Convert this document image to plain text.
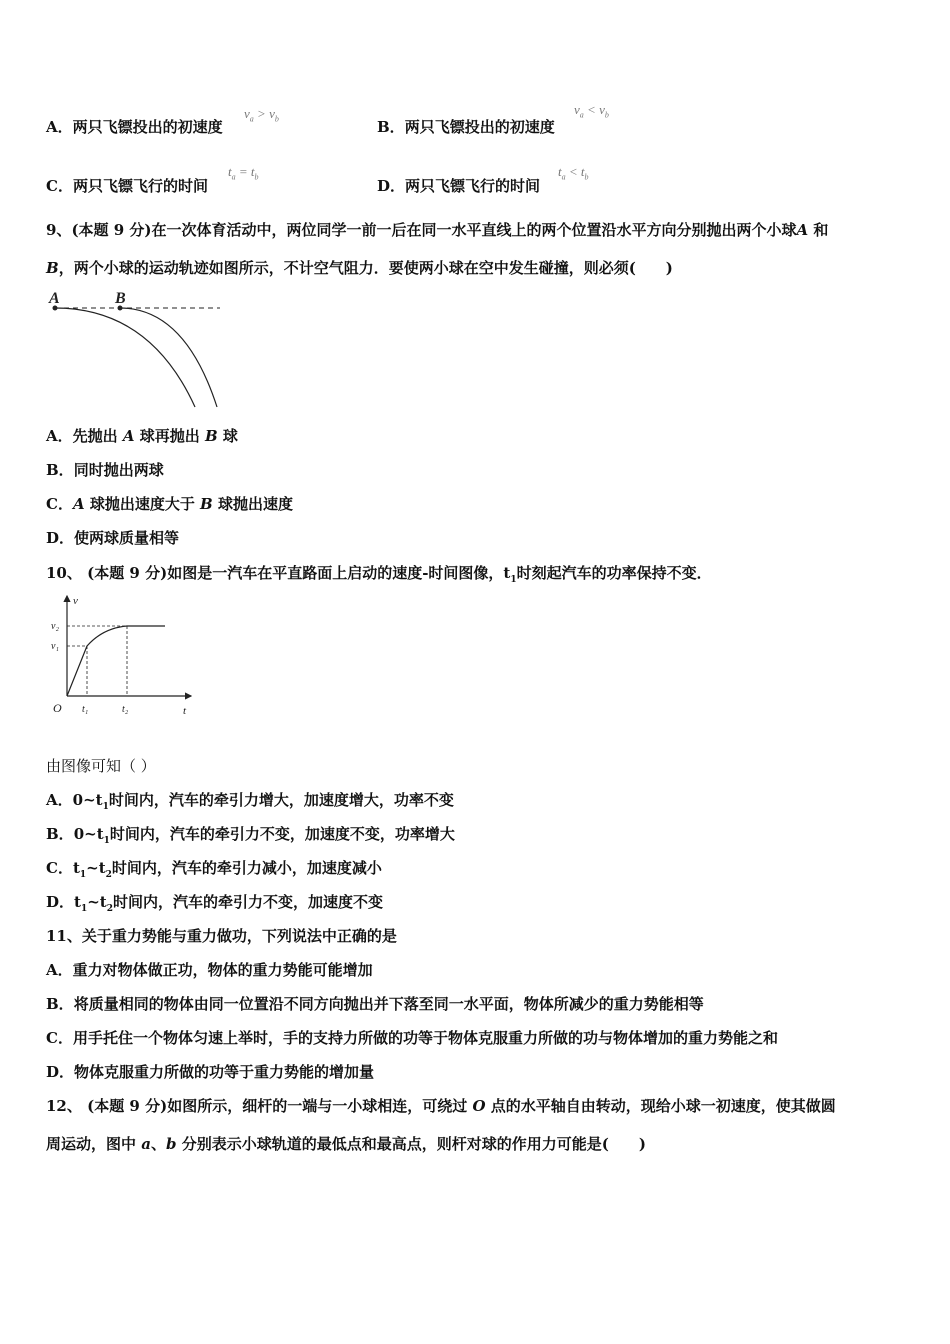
A．两只飞镖投出的初速度
$v_a > v_b$	B．两只飞镖投出的初速度
$v_a < v_b$
C．两只飞镖飞行的时间
$t_a = t_b$	D．两只飞镖飞行的时间
$t_a < t_b$
9、(本题 9 分)在一次体育活动中，两位同学一前一后在同一水平直线上的两个位置沿水平方向分别抛出两个小球A 和
B，两个小球的运动轨迹如图所示，不计空气阻力．要使两小球在空中发生碰撞，则必须(　　)
A	B
A．先抛出 A 球再抛出 B 球
B．同时抛出两球
C．A 球抛出速度大于 B 球抛出速度
D．使两球质量相等
10、 (本题 9 分)如图是一汽车在平直路面上启动的速度-时间图像，$t_1$时刻起汽车的功率保持不变．
v
t
O
v₁
v₂
t₁	t₂
由图像可知（ ）
A．$0\sim t_1$时间内，汽车的牵引力增大，加速度增大，功率不变
B．$0\sim t_1$时间内，汽车的牵引力不变，加速度不变，功率增大
C．$t_1\sim t_2$时间内，汽车的牵引力减小，加速度减小
D．$t_1\sim t_2$时间内，汽车的牵引力不变，加速度不变
11、关于重力势能与重力做功，下列说法中正确的是
A．重力对物体做正功，物体的重力势能可能增加
B．将质量相同的物体由同一位置沿不同方向抛出并下落至同一水平面，物体所减少的重力势能相等
C．用手托住一个物体匀速上举时，手的支持力所做的功等于物体克服重力所做的功与物体增加的重力势能之和
D．物体克服重力所做的功等于重力势能的增加量
12、 (本题 9 分)如图所示，细杆的一端与一小球相连，可绕过 O 点的水平轴自由转动，现给小球一初速度，使其做圆
周运动，图中 a、b 分别表示小球轨道的最低点和最高点，则杆对球的作用力可能是(　　)
